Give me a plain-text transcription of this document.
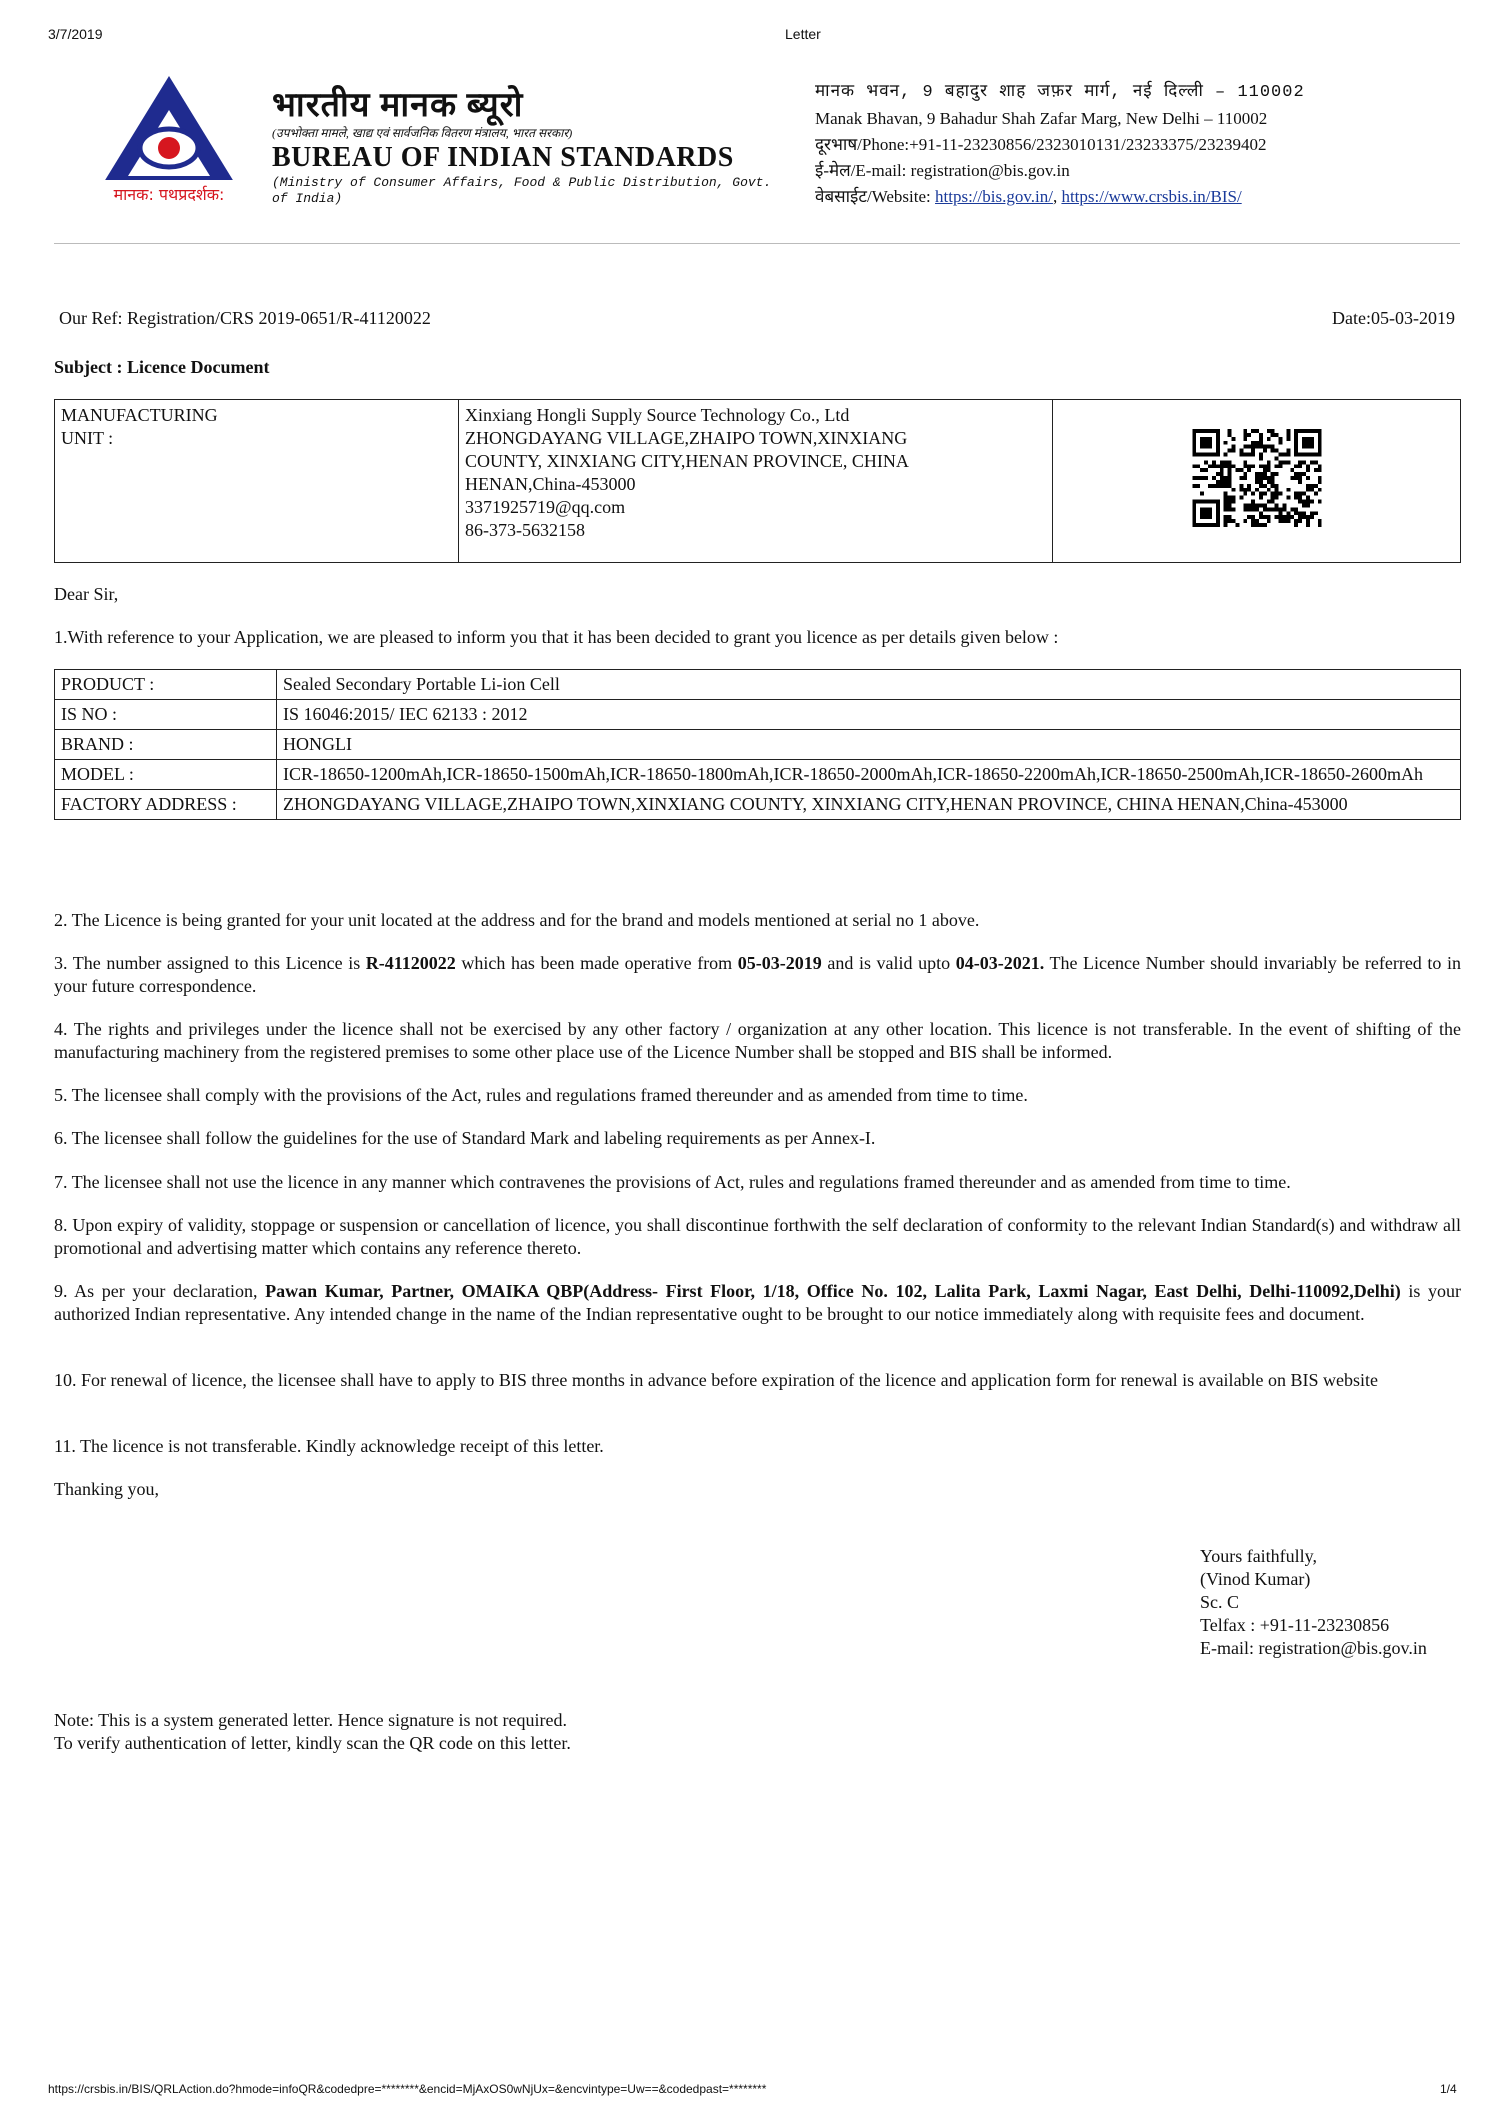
3/7/2019	Letter
मानक: पथप्रदर्शक:
भारतीय मानक ब्यूरो
(उपभोक्ता मामले, खाद्य एवं सार्वजनिक वितरण मंत्रालय, भारत सरकार)
BUREAU OF INDIAN STANDARDS
(Ministry of Consumer Affairs, Food & Public Distribution, Govt. of India)
मानक भवन, 9 बहादुर शाह जफ़र मार्ग, नई दिल्ली – 110002
Manak Bhavan, 9 Bahadur Shah Zafar Marg, New Delhi – 110002
दूरभाष/Phone:+91-11-23230856/2323010131/23233375/23239402
ई-मेल/E-mail: registration@bis.gov.in
वेबसाईट/Website: https://bis.gov.in/, https://www.crsbis.in/BIS/
Our Ref: Registration/CRS 2019-0651/R-41120022	Date:05-03-2019
Subject : Licence Document
MANUFACTURING
UNIT :

Xinxiang Hongli Supply Source Technology Co., Ltd
ZHONGDAYANG VILLAGE,ZHAIPO TOWN,XINXIANG
COUNTY, XINXIANG CITY,HENAN PROVINCE, CHINA
HENAN,China-453000
3371925719@qq.com
86-373-5632158

Dear Sir,
1.With reference to your Application, we are pleased to inform you that it has been decided to grant you licence as per details given below :
PRODUCT :	Sealed Secondary Portable Li-ion Cell
IS NO :	IS 16046:2015/ IEC 62133 : 2012
BRAND :	HONGLI
MODEL :	ICR-18650-1200mAh,ICR-18650-1500mAh,ICR-18650-1800mAh,ICR-18650-2000mAh,ICR-18650-2200mAh,ICR-18650-2500mAh,ICR-18650-2600mAh
FACTORY ADDRESS :	ZHONGDAYANG VILLAGE,ZHAIPO TOWN,XINXIANG COUNTY, XINXIANG CITY,HENAN PROVINCE, CHINA HENAN,China-453000
2. The Licence is being granted for your unit located at the address and for the brand and models mentioned at serial no 1 above.
3. The number assigned to this Licence is R-41120022 which has been made operative from 05-03-2019 and is valid upto 04-03-2021. The Licence Number should invariably be referred to in your future correspondence.
4. The rights and privileges under the licence shall not be exercised by any other factory / organization at any other location. This licence is not transferable. In the event of shifting of the manufacturing machinery from the registered premises to some other place use of the Licence Number shall be stopped and BIS shall be informed.
5. The licensee shall comply with the provisions of the Act, rules and regulations framed thereunder and as amended from time to time.
6. The licensee shall follow the guidelines for the use of Standard Mark and labeling requirements as per Annex-I.
7. The licensee shall not use the licence in any manner which contravenes the provisions of Act, rules and regulations framed thereunder and as amended from time to time.
8. Upon expiry of validity, stoppage or suspension or cancellation of licence, you shall discontinue forthwith the self declaration of conformity to the relevant Indian Standard(s) and withdraw all promotional and advertising matter which contains any reference thereto.
9. As per your declaration, Pawan Kumar, Partner, OMAIKA QBP(Address- First Floor, 1/18, Office No. 102, Lalita Park, Laxmi Nagar, East Delhi, Delhi-110092,Delhi) is your authorized Indian representative. Any intended change in the name of the Indian representative ought to be brought to our notice immediately along with requisite fees and document.
10. For renewal of licence, the licensee shall have to apply to BIS three months in advance before expiration of the licence and application form for renewal is available on BIS website
11. The licence is not transferable. Kindly acknowledge receipt of this letter.
Thanking you,
Yours faithfully,
(Vinod Kumar)
Sc. C
Telfax : +91-11-23230856
E-mail: registration@bis.gov.in
Note: This is a system generated letter. Hence signature is not required.
To verify authentication of letter, kindly scan the QR code on this letter.
https://crsbis.in/BIS/QRLAction.do?hmode=infoQR&codedpre=********&encid=MjAxOS0wNjUx=&encvintype=Uw==&codedpast=********	1/4
